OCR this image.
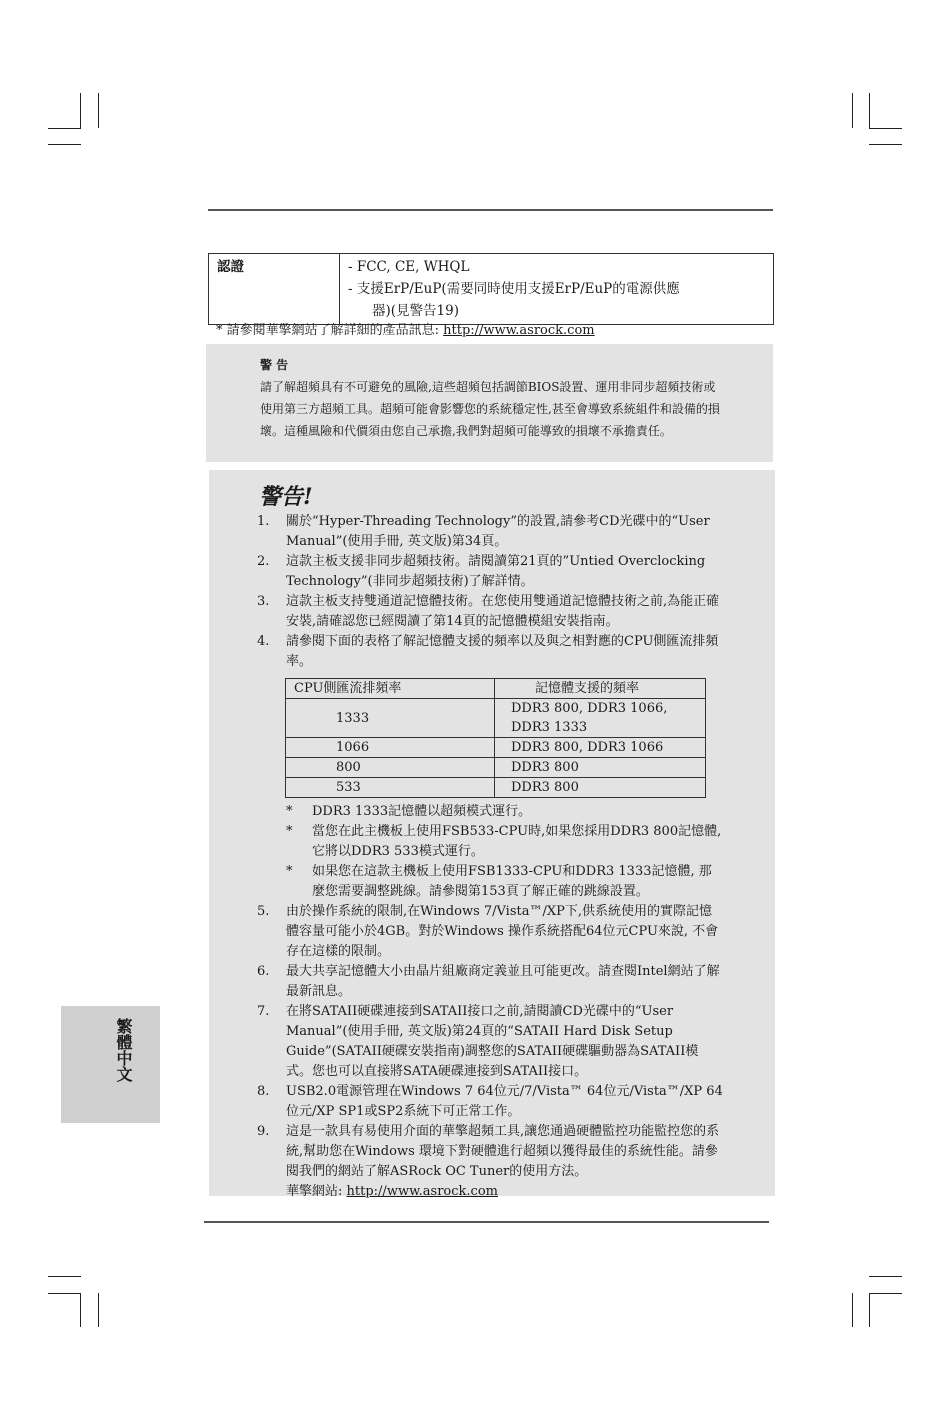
認證	- FCC, CE, WHQL
- 支援ErP/EuP(需要同時使用支援ErP/EuP的電源供應
器)(見警告19)
* 請參閱華擎網站了解詳細的產品訊息: http://www.asrock.com
警 告
請了解超頻具有不可避免的風險,這些超頻包括調節BIOS設置、運用非同步超頻技術或使用第三方超頻工具。超頻可能會影響您的系統穩定性,甚至會導致系統組件和設備的損壞。這種風險和代價須由您自己承擔,我們對超頻可能導致的損壞不承擔責任。
警告!
1. 關於“Hyper-Threading Technology”的設置,請參考CD光碟中的“User Manual”(使用手冊, 英文版)第34頁。
2. 這款主板支援非同步超頻技術。請閱讀第21頁的”Untied Overclocking Technology”(非同步超頻技術)了解詳情。
3. 這款主板支持雙通道記憶體技術。在您使用雙通道記憶體技術之前,為能正確安裝,請確認您已經閱讀了第14頁的記憶體模組安裝指南。
4. 請參閱下面的表格了解記憶體支援的頻率以及與之相對應的CPU側匯流排頻率。
CPU側匯流排頻率	記憶體支援的頻率
1333	DDR3 800, DDR3 1066, DDR3 1333
1066	DDR3 800, DDR3 1066
800	DDR3 800
533	DDR3 800
* DDR3 1333記憶體以超頻模式運行。
* 當您在此主機板上使用FSB533-CPU時,如果您採用DDR3 800記憶體,它將以DDR3 533模式運行。
* 如果您在這款主機板上使用FSB1333-CPU和DDR3 1333記憶體, 那麼您需要調整跳線。請參閱第153頁了解正確的跳線設置。
5. 由於操作系統的限制,在Windows 7/Vista™/XP下,供系統使用的實際記憶體容量可能小於4GB。對於Windows 操作系統搭配64位元CPU來說, 不會存在這樣的限制。
6. 最大共享記憶體大小由晶片組廠商定義並且可能更改。請查閱Intel網站了解最新訊息。
7. 在將SATAII硬碟連接到SATAII接口之前,請閱讀CD光碟中的“User Manual”(使用手冊, 英文版)第24頁的“SATAII Hard Disk Setup Guide”(SATAII硬碟安裝指南)調整您的SATAII硬碟驅動器為SATAII模式。您也可以直接將SATA硬碟連接到SATAII接口。
8. USB2.0電源管理在Windows 7 64位元/7/Vista™ 64位元/Vista™/XP 64位元/XP SP1或SP2系統下可正常工作。
9. 這是一款具有易使用介面的華擎超頻工具,讓您通過硬體監控功能監控您的系統,幫助您在Windows 環境下對硬體進行超頻以獲得最佳的系統性能。請參閱我們的網站了解ASRock OC Tuner的使用方法。
華擎網站: http://www.asrock.com
繁體中文
